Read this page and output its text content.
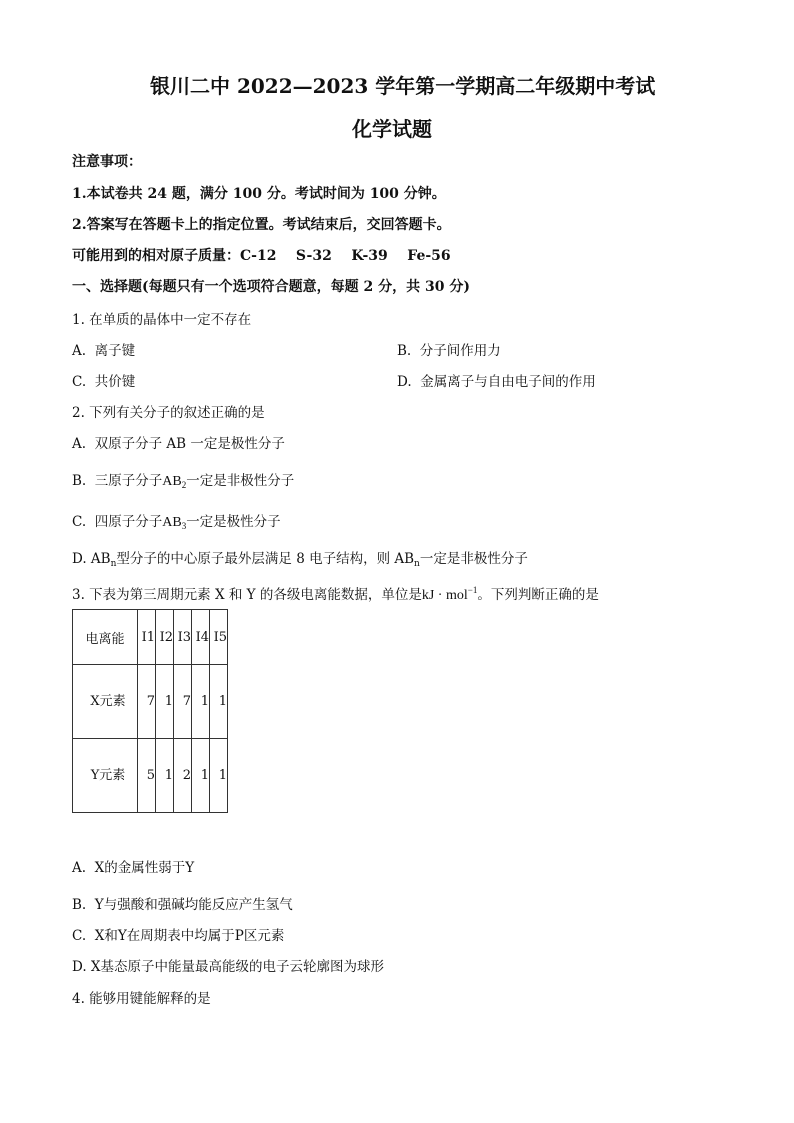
银川二中 2022—2023 学年第一学期高二年级期中考试
化学试题
注意事项：
1.本试卷共 24 题，满分 100 分。考试时间为 100 分钟。
2.答案写在答题卡上的指定位置。考试结束后，交回答题卡。
可能用到的相对原子质量：C-12    S-32    K-39    Fe-56
一、选择题(每题只有一个选项符合题意，每题 2 分，共 30 分)
1. 在单质的晶体中一定不存在
A.  离子键	B.  分子间作用力
C.  共价键	D.  金属离子与自由电子间的作用
2. 下列有关分子的叙述正确的是
A.  双原子分子 AB 一定是极性分子
B.  三原子分子$AB_2$一定是非极性分子
C.  四原子分子$AB_3$一定是极性分子
D. $AB_n$型分子的中心原子最外层满足 8 电子结构，则 $AB_n$一定是非极性分子
3. 下表为第三周期元素 X 和 Y 的各级电离能数据，单位是kJ · mol$^{-1}$。下列判断正确的是
电离能	I1	I2	I3	I4	I5

X元素	7	1	7	1	1

Y元素	5	1	2	1	1
A.  X的金属性弱于Y
B.  Y与强酸和强碱均能反应产生氢气
C.  X和Y在周期表中均属于P区元素
D. X基态原子中能量最高能级的电子云轮廓图为球形
4. 能够用键能解释的是
